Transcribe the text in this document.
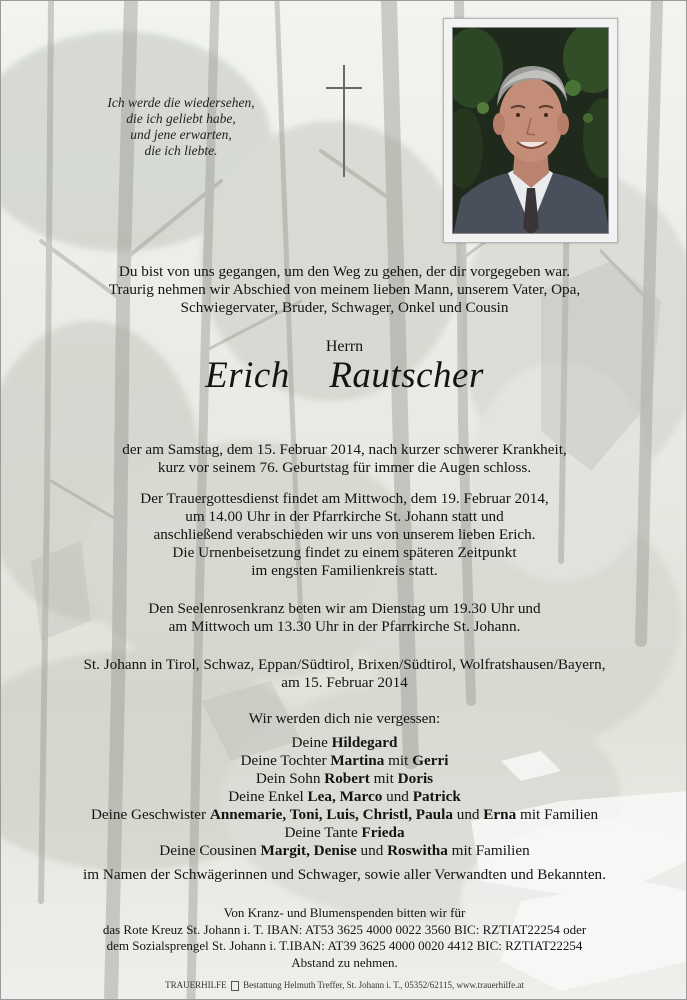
Ich werde die wiedersehen,
die ich geliebt habe,
und jene erwarten,
die ich liebte.
Du bist von uns gegangen, um den Weg zu gehen, der dir vorgegeben war.
Traurig nehmen wir Abschied von meinem lieben Mann, unserem Vater, Opa,
Schwiegervater, Bruder, Schwager, Onkel und Cousin
Herrn
Erich  Rautscher
der am Samstag, dem 15. Februar 2014, nach kurzer schwerer Krankheit,
kurz vor seinem 76. Geburtstag für immer die Augen schloss.
Der Trauergottesdienst findet am Mittwoch, dem 19. Februar 2014,
um 14.00 Uhr in der Pfarrkirche St. Johann statt und
anschließend verabschieden wir uns von unserem lieben Erich.
Die Urnenbeisetzung findet zu einem späteren Zeitpunkt
im engsten Familienkreis statt.
Den Seelenrosenkranz beten wir am Dienstag um 19.30 Uhr und
am Mittwoch um 13.30 Uhr in der Pfarrkirche St. Johann.
St. Johann in Tirol, Schwaz, Eppan/Südtirol, Brixen/Südtirol, Wolfratshausen/Bayern,
am 15. Februar 2014
Wir werden dich nie vergessen:
Deine Hildegard
Deine Tochter Martina mit Gerri
Dein Sohn Robert mit Doris
Deine Enkel Lea, Marco und Patrick
Deine Geschwister Annemarie, Toni, Luis, Christl, Paula und Erna mit Familien
Deine Tante Frieda
Deine Cousinen Margit, Denise und Roswitha mit Familien
im Namen der Schwägerinnen und Schwager, sowie aller Verwandten und Bekannten.
Von Kranz- und Blumenspenden bitten wir für
das Rote Kreuz St. Johann i. T. IBAN: AT53 3625 4000 0022 3560 BIC: RZTIAT22254 oder
dem Sozialsprengel St. Johann i. T.IBAN: AT39 3625 4000 0020 4412 BIC: RZTIAT22254
Abstand zu nehmen.
TRAUERHILFE Bestattung Helmuth Treffer, St. Johann i. T., 05352/62115, www.trauerhilfe.at
